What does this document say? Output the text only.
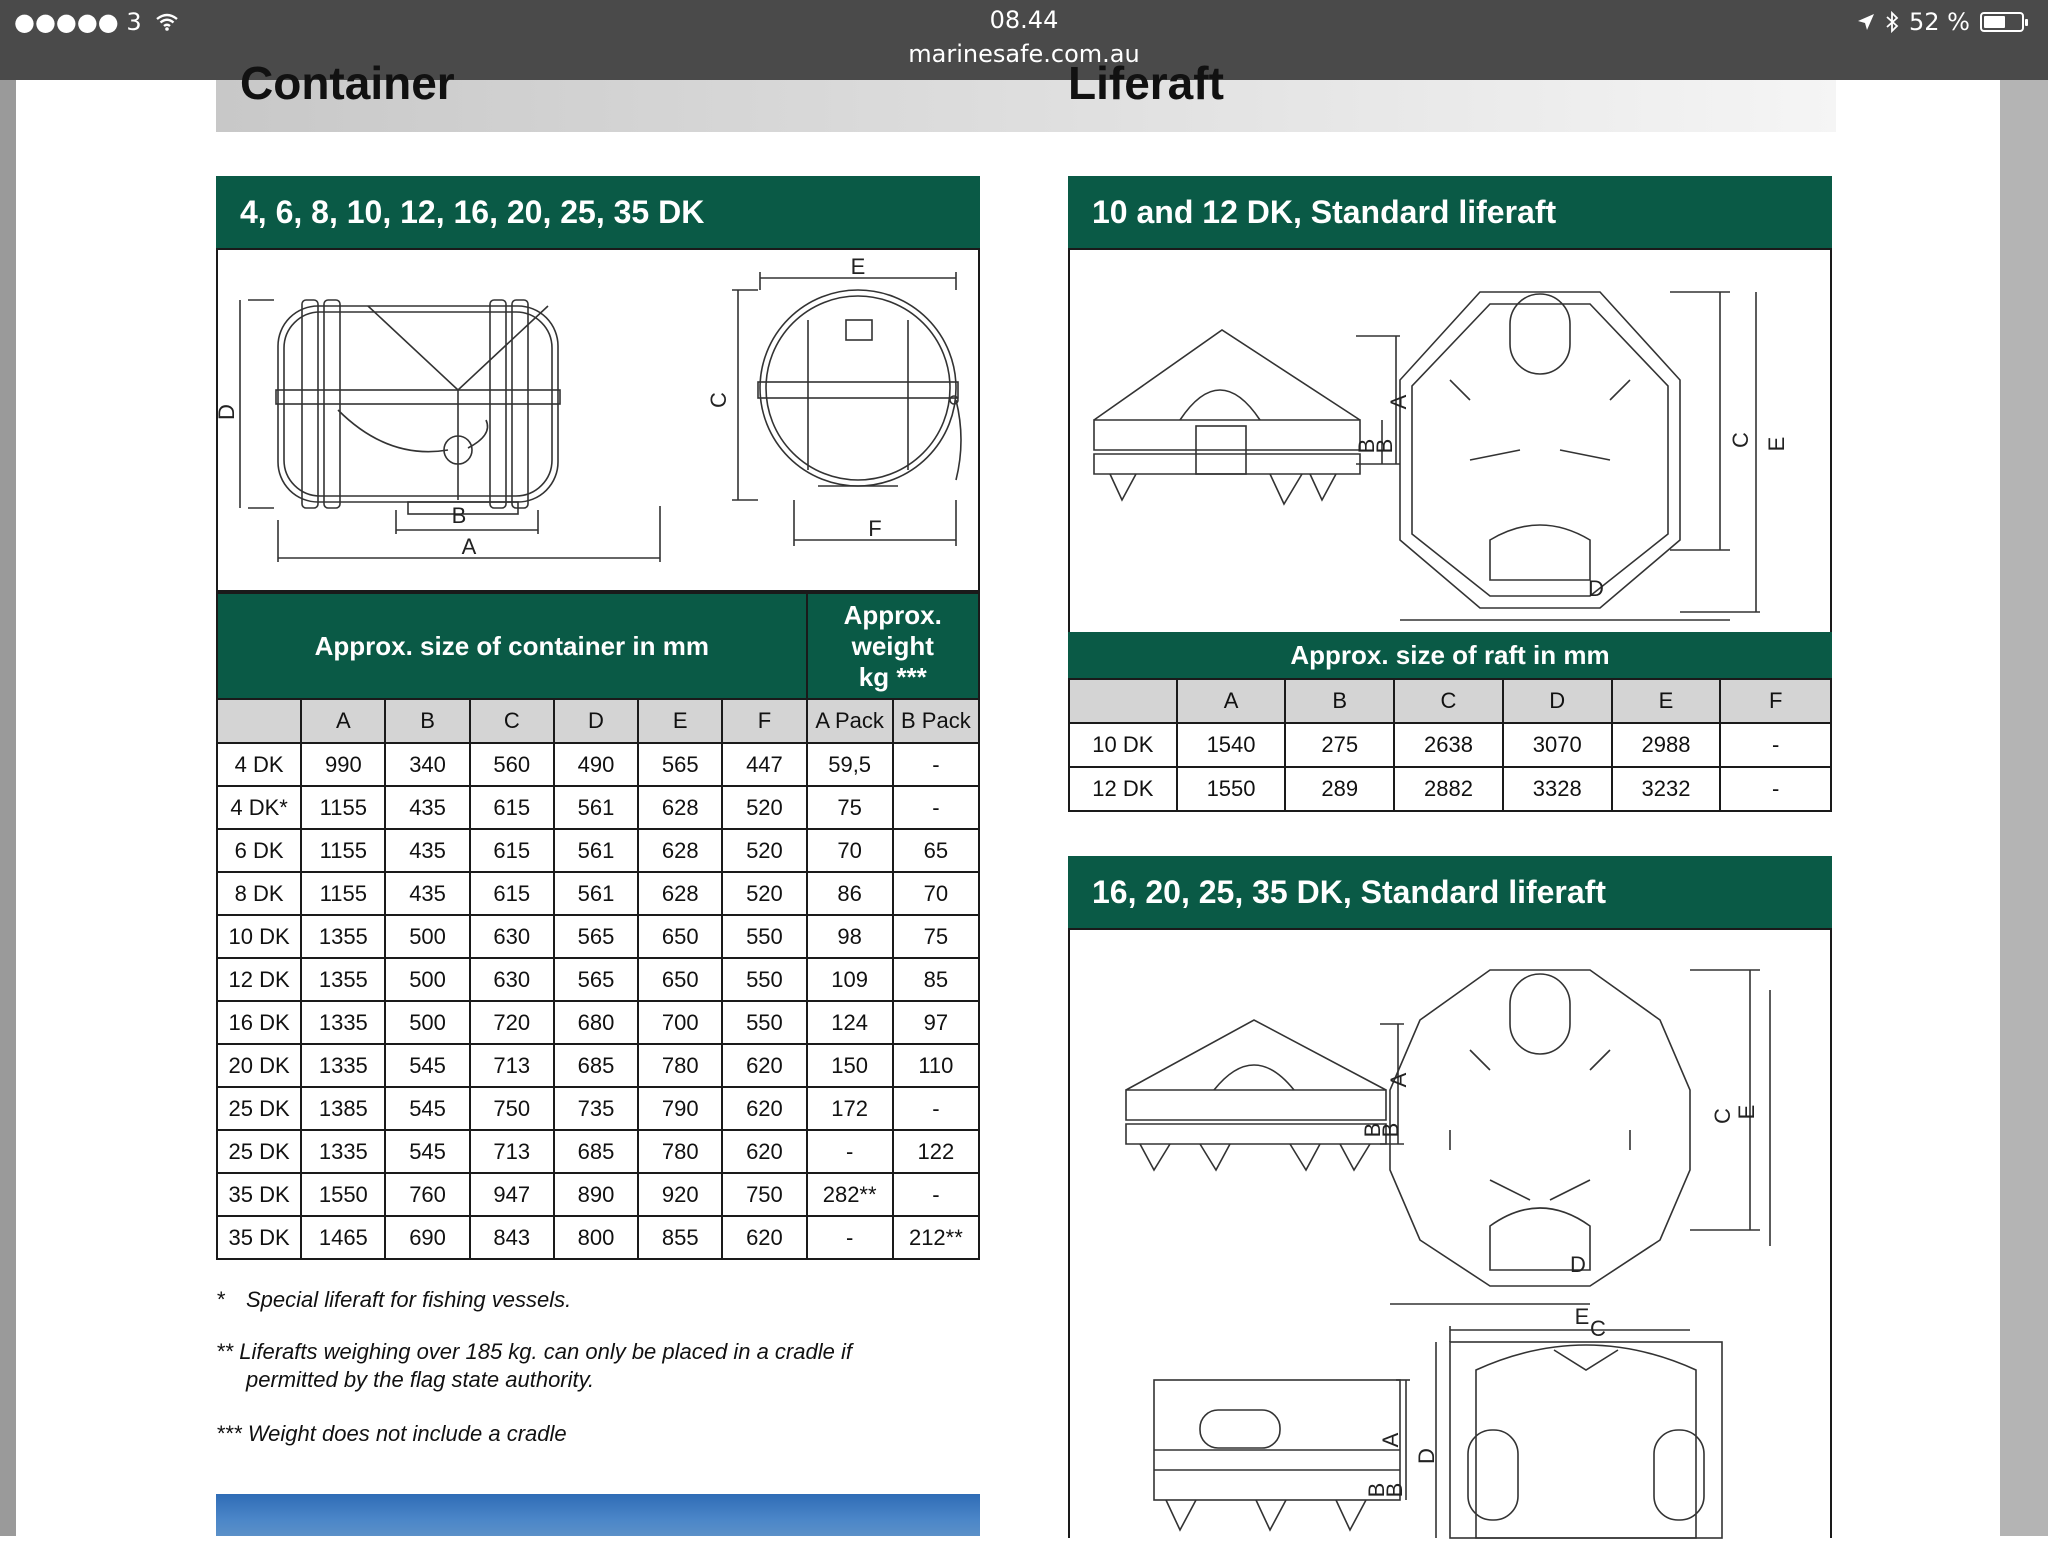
●●●●● 3	08.44
marinesafe.com.au
52 %
Container	Liferaft
4, 6, 8, 10, 12, 16, 20, 25, 35 DK
D
B
A
E
C
F
Approx. size of container in mm							Approx.
weight
kg ***	
	A	B	C	D	E	F	A Pack	B Pack
4 DK	990	340	560	490	565	447	59,5	-
4 DK*	1155	435	615	561	628	520	75	-
6 DK	1155	435	615	561	628	520	70	65
8 DK	1155	435	615	561	628	520	86	70
10 DK	1355	500	630	565	650	550	98	75
12 DK	1355	500	630	565	650	550	109	85
16 DK	1335	500	720	680	700	550	124	97
20 DK	1335	545	713	685	780	620	150	110
25 DK	1385	545	750	735	790	620	172	-
25 DK	1335	545	713	685	780	620	-	122
35 DK	1550	760	947	890	920	750	282**	-
35 DK	1465	690	843	800	855	620	-	212**
* Special liferaft for fishing vessels.
** Liferafts weighing over 185 kg. can only be placed in a cradle if
permitted by the flag state authority.
*** Weight does not include a cradle
10 and 12 DK, Standard liferaft
A
B
B	C
D
E
Approx. size of raft in mm
	A	B	C	D	E	F
10 DK	1540	275	2638	3070	2988	-
12 DK	1550	289	2882	3328	3232	-
16, 20, 25, 35 DK, Standard liferaft
A
B
B
C
D
E
E C
D
A
B
B
